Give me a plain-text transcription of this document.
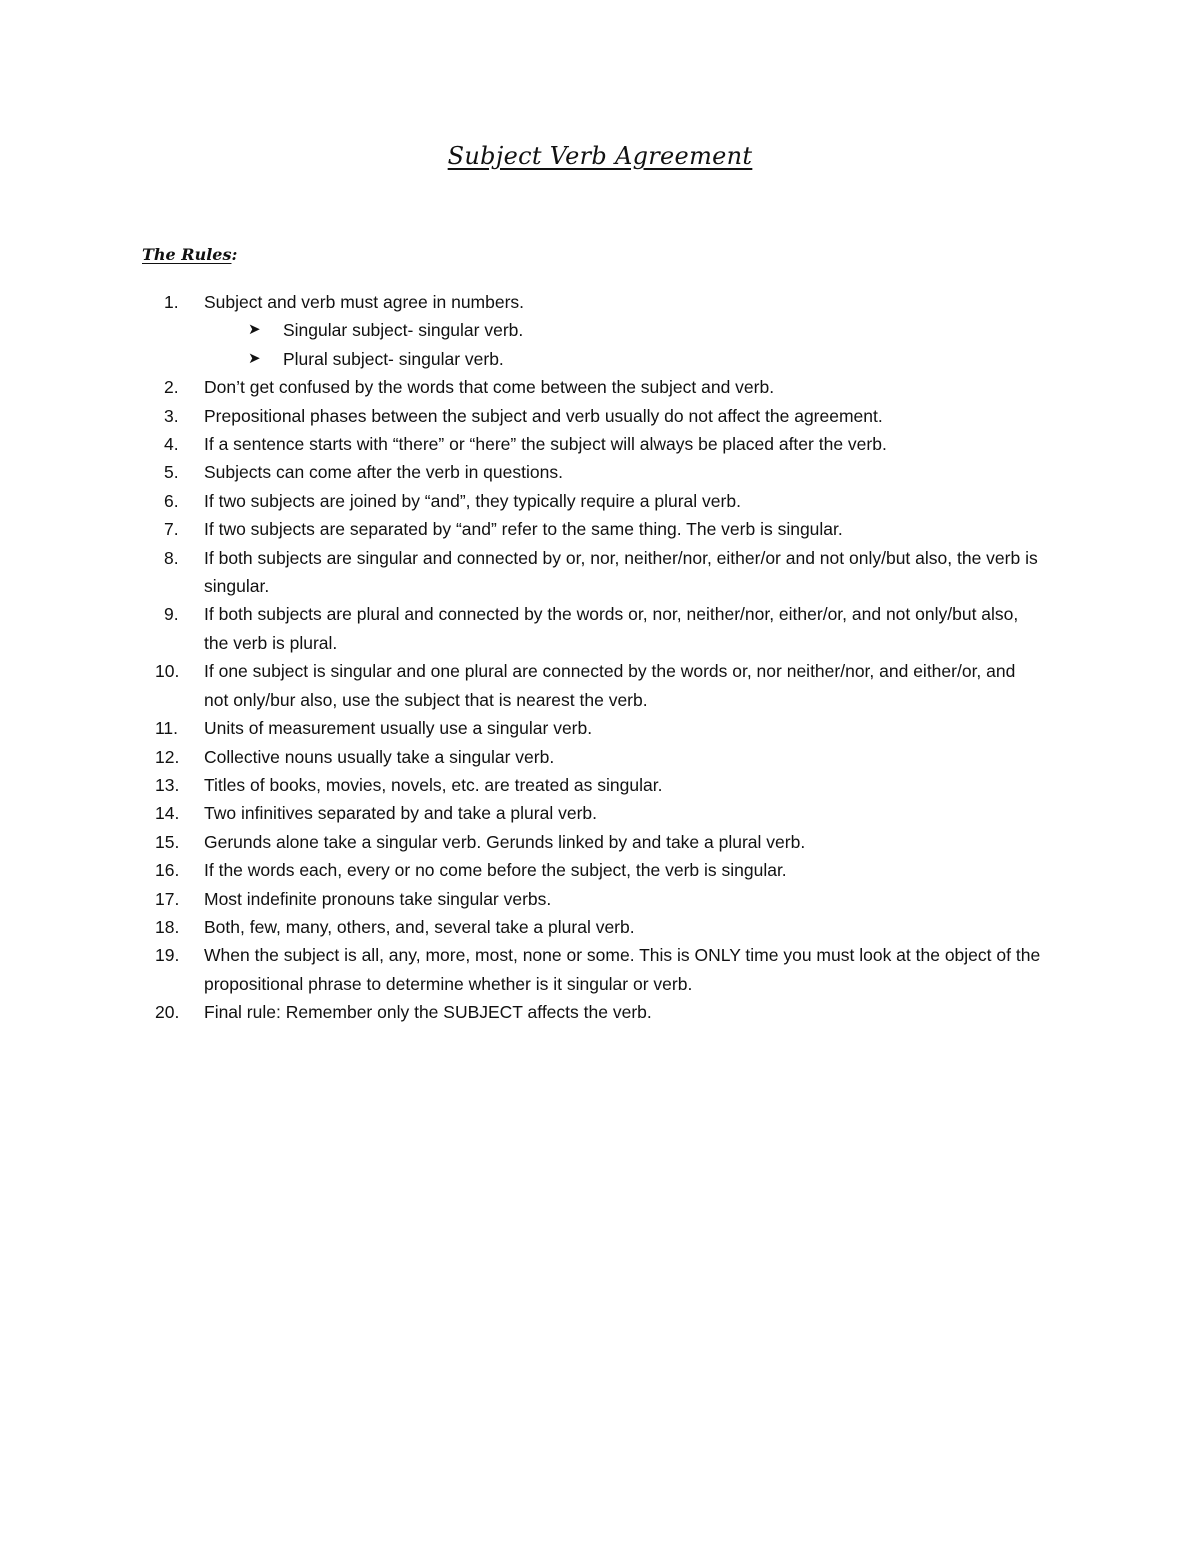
Subject Verb Agreement
The Rules:
1.	Subject and verb must agree in numbers.
➤ Singular subject- singular verb.
➤ Plural subject- singular verb.
2.	Don’t get confused by the words that come between the subject and verb.
3.	Prepositional phases between the subject and verb usually do not affect the agreement.
4.	If a sentence starts with “there” or “here” the subject will always be placed after the verb.
5.	Subjects can come after the verb in questions.
6.	If two subjects are joined by “and”, they typically require a plural verb.
7.	If two subjects are separated by “and” refer to the same thing. The verb is singular.
8.	If both subjects are singular and connected by or, nor, neither/nor, either/or and not only/but also, the verb is singular.
9.	If both subjects are plural and connected by the words or, nor, neither/nor, either/or, and not only/but also, the verb is plural.
10.	If one subject is singular and one plural are connected by the words or, nor neither/nor, and either/or, and not only/bur also, use the subject that is nearest the verb.
11.	Units of measurement usually use a singular verb.
12.	Collective nouns usually take a singular verb.
13.	Titles of books, movies, novels, etc. are treated as singular.
14.	Two infinitives separated by and take a plural verb.
15.	Gerunds alone take a singular verb. Gerunds linked by and take a plural verb.
16.	If the words each, every or no come before the subject, the verb is singular.
17.	Most indefinite pronouns take singular verbs.
18.	Both, few, many, others, and, several take a plural verb.
19.	When the subject is all, any, more, most, none or some. This is ONLY time you must look at the object of the propositional phrase to determine whether is it singular or verb.
20.	Final rule: Remember only the SUBJECT affects the verb.
